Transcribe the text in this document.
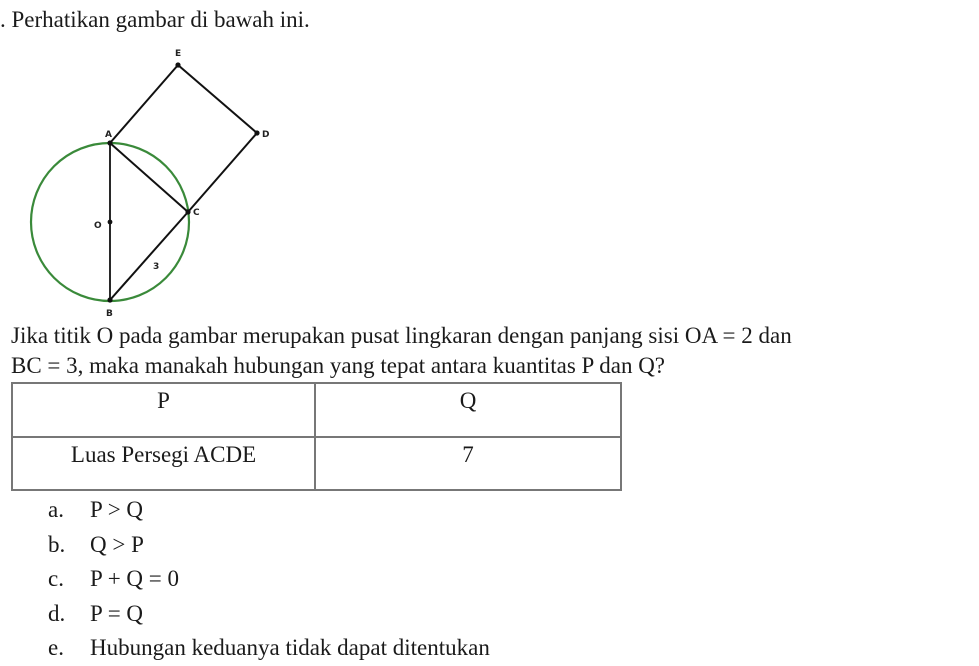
. Perhatikan gambar di bawah ini.
E
A	D
C
O
B
3
Jika titik O pada gambar merupakan pusat lingkaran dengan panjang sisi OA = 2 dan
BC = 3, maka manakah hubungan yang tepat antara kuantitas P dan Q?
P	Q
Luas Persegi ACDE	7
a.	P > Q
b.	Q > P
c.	P + Q = 0
d.	P = Q
e.	Hubungan keduanya tidak dapat ditentukan
